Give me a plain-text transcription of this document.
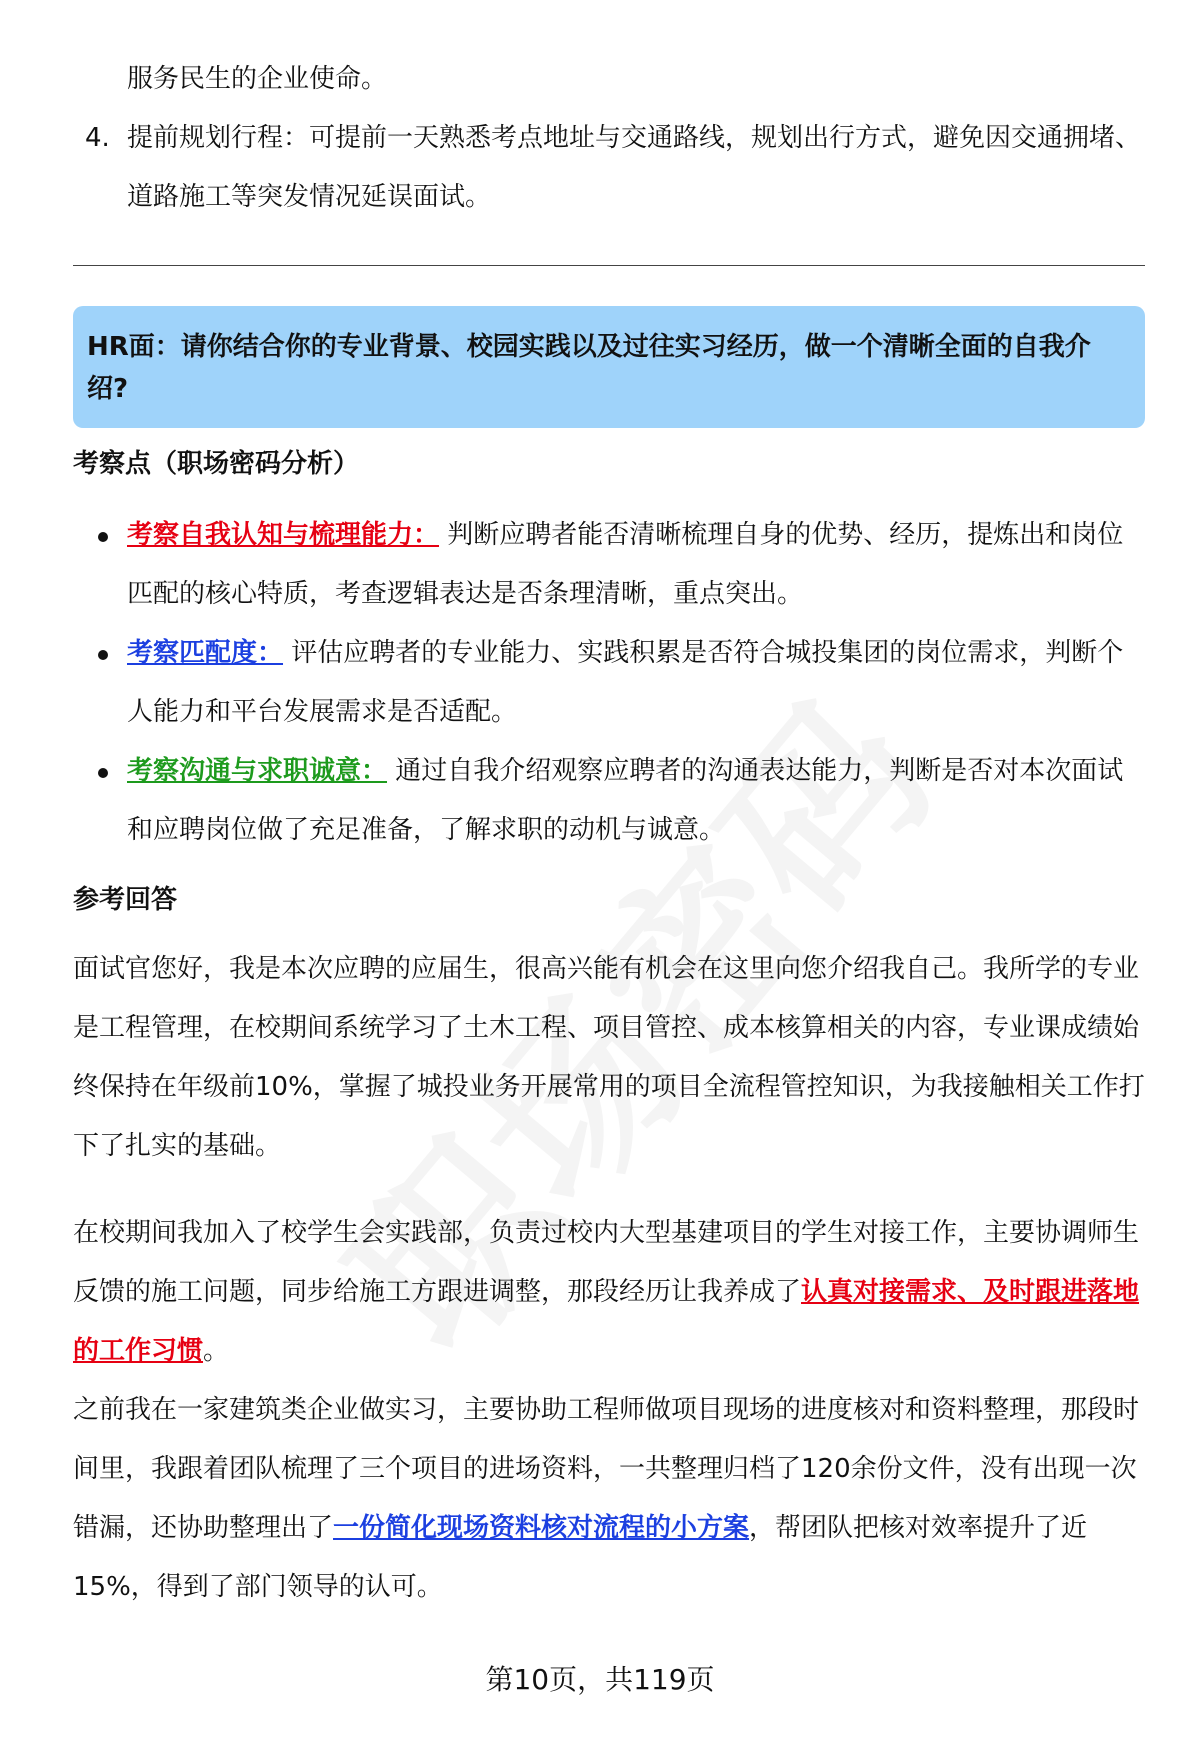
服务民生的企业使命。

4. 提前规划行程：可提前一天熟悉考点地址与交通路线，规划出行方式，避免因交通拥堵、道路施工等突发情况延误面试。

HR面：请你结合你的专业背景、校园实践以及过往实习经历，做一个清晰全面的自我介绍?
考察点（职场密码分析）

考察自我认知与梳理能力： 判断应聘者能否清晰梳理自身的优势、经历，提炼出和岗位匹配的核心特质，考查逻辑表达是否条理清晰，重点突出。

考察匹配度： 评估应聘者的专业能力、实践积累是否符合城投集团的岗位需求，判断个人能力和平台发展需求是否适配。

考察沟通与求职诚意： 通过自我介绍观察应聘者的沟通表达能力，判断是否对本次面试和应聘岗位做了充足准备，了解求职的动机与诚意。

参考回答

面试官您好，我是本次应聘的应届生，很高兴能有机会在这里向您介绍我自己。我所学的专业是工程管理，在校期间系统学习了土木工程、项目管控、成本核算相关的内容，专业课成绩始终保持在年级前10%，掌握了城投业务开展常用的项目全流程管控知识，为我接触相关工作打下了扎实的基础。

在校期间我加入了校学生会实践部，负责过校内大型基建项目的学生对接工作，主要协调师生反馈的施工问题，同步给施工方跟进调整，那段经历让我养成了认真对接需求、及时跟进落地的工作习惯。

之前我在一家建筑类企业做实习，主要协助工程师做项目现场的进度核对和资料整理，那段时间里，我跟着团队梳理了三个项目的进场资料，一共整理归档了120余份文件，没有出现一次错漏，还协助整理出了一份简化现场资料核对流程的小方案，帮团队把核对效率提升了近15%，得到了部门领导的认可。

第10页，共119页
